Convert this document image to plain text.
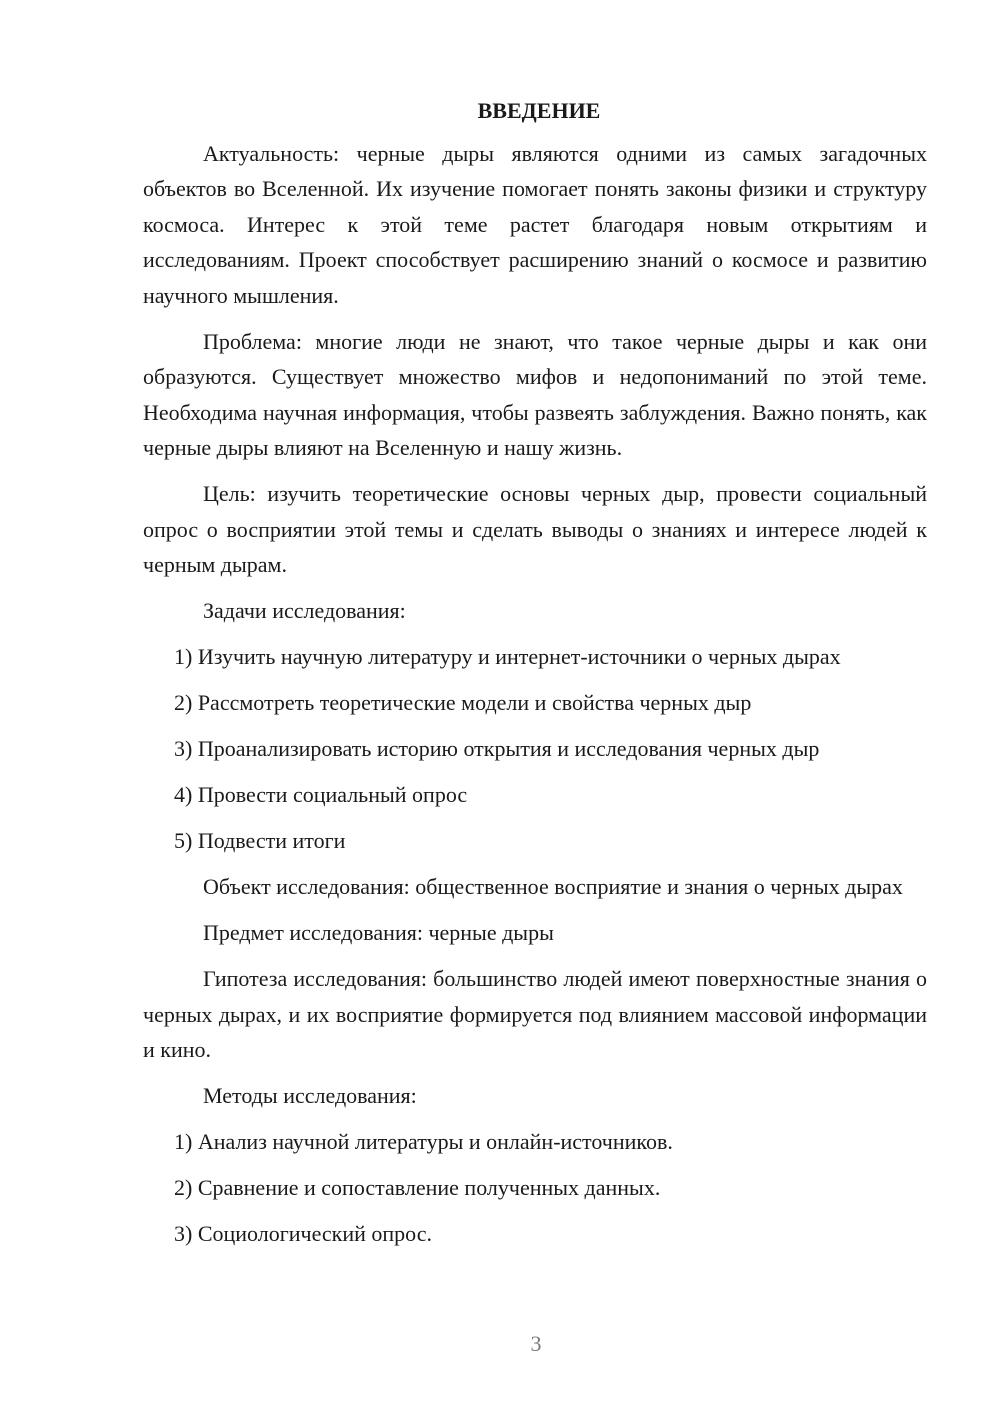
ВВЕДЕНИЕ

Актуальность: черные дыры являются одними из самых загадочных объектов во Вселенной. Их изучение помогает понять законы физики и структуру космоса. Интерес к этой теме растет благодаря новым открытиям и исследованиям. Проект способствует расширению знаний о космосе и развитию научного мышления.

Проблема: многие люди не знают, что такое черные дыры и как они образуются. Существует множество мифов и недопониманий по этой теме. Необходима научная информация, чтобы развеять заблуждения. Важно понять, как черные дыры влияют на Вселенную и нашу жизнь.

Цель: изучить теоретические основы черных дыр, провести социальный опрос о восприятии этой темы и сделать выводы о знаниях и интересе людей к черным дырам.

Задачи исследования:

1) Изучить научную литературу и интернет-источники о черных дырах
2) Рассмотреть теоретические модели и свойства черных дыр
3) Проанализировать историю открытия и исследования черных дыр
4) Провести социальный опрос
5) Подвести итоги

Объект исследования: общественное восприятие и знания о черных дырах

Предмет исследования: черные дыры

Гипотеза исследования: большинство людей имеют поверхностные знания о черных дырах, и их восприятие формируется под влиянием массовой информации и кино.

Методы исследования:

1) Анализ научной литературы и онлайн-источников.
2) Сравнение и сопоставление полученных данных.
3) Социологический опрос.
3
